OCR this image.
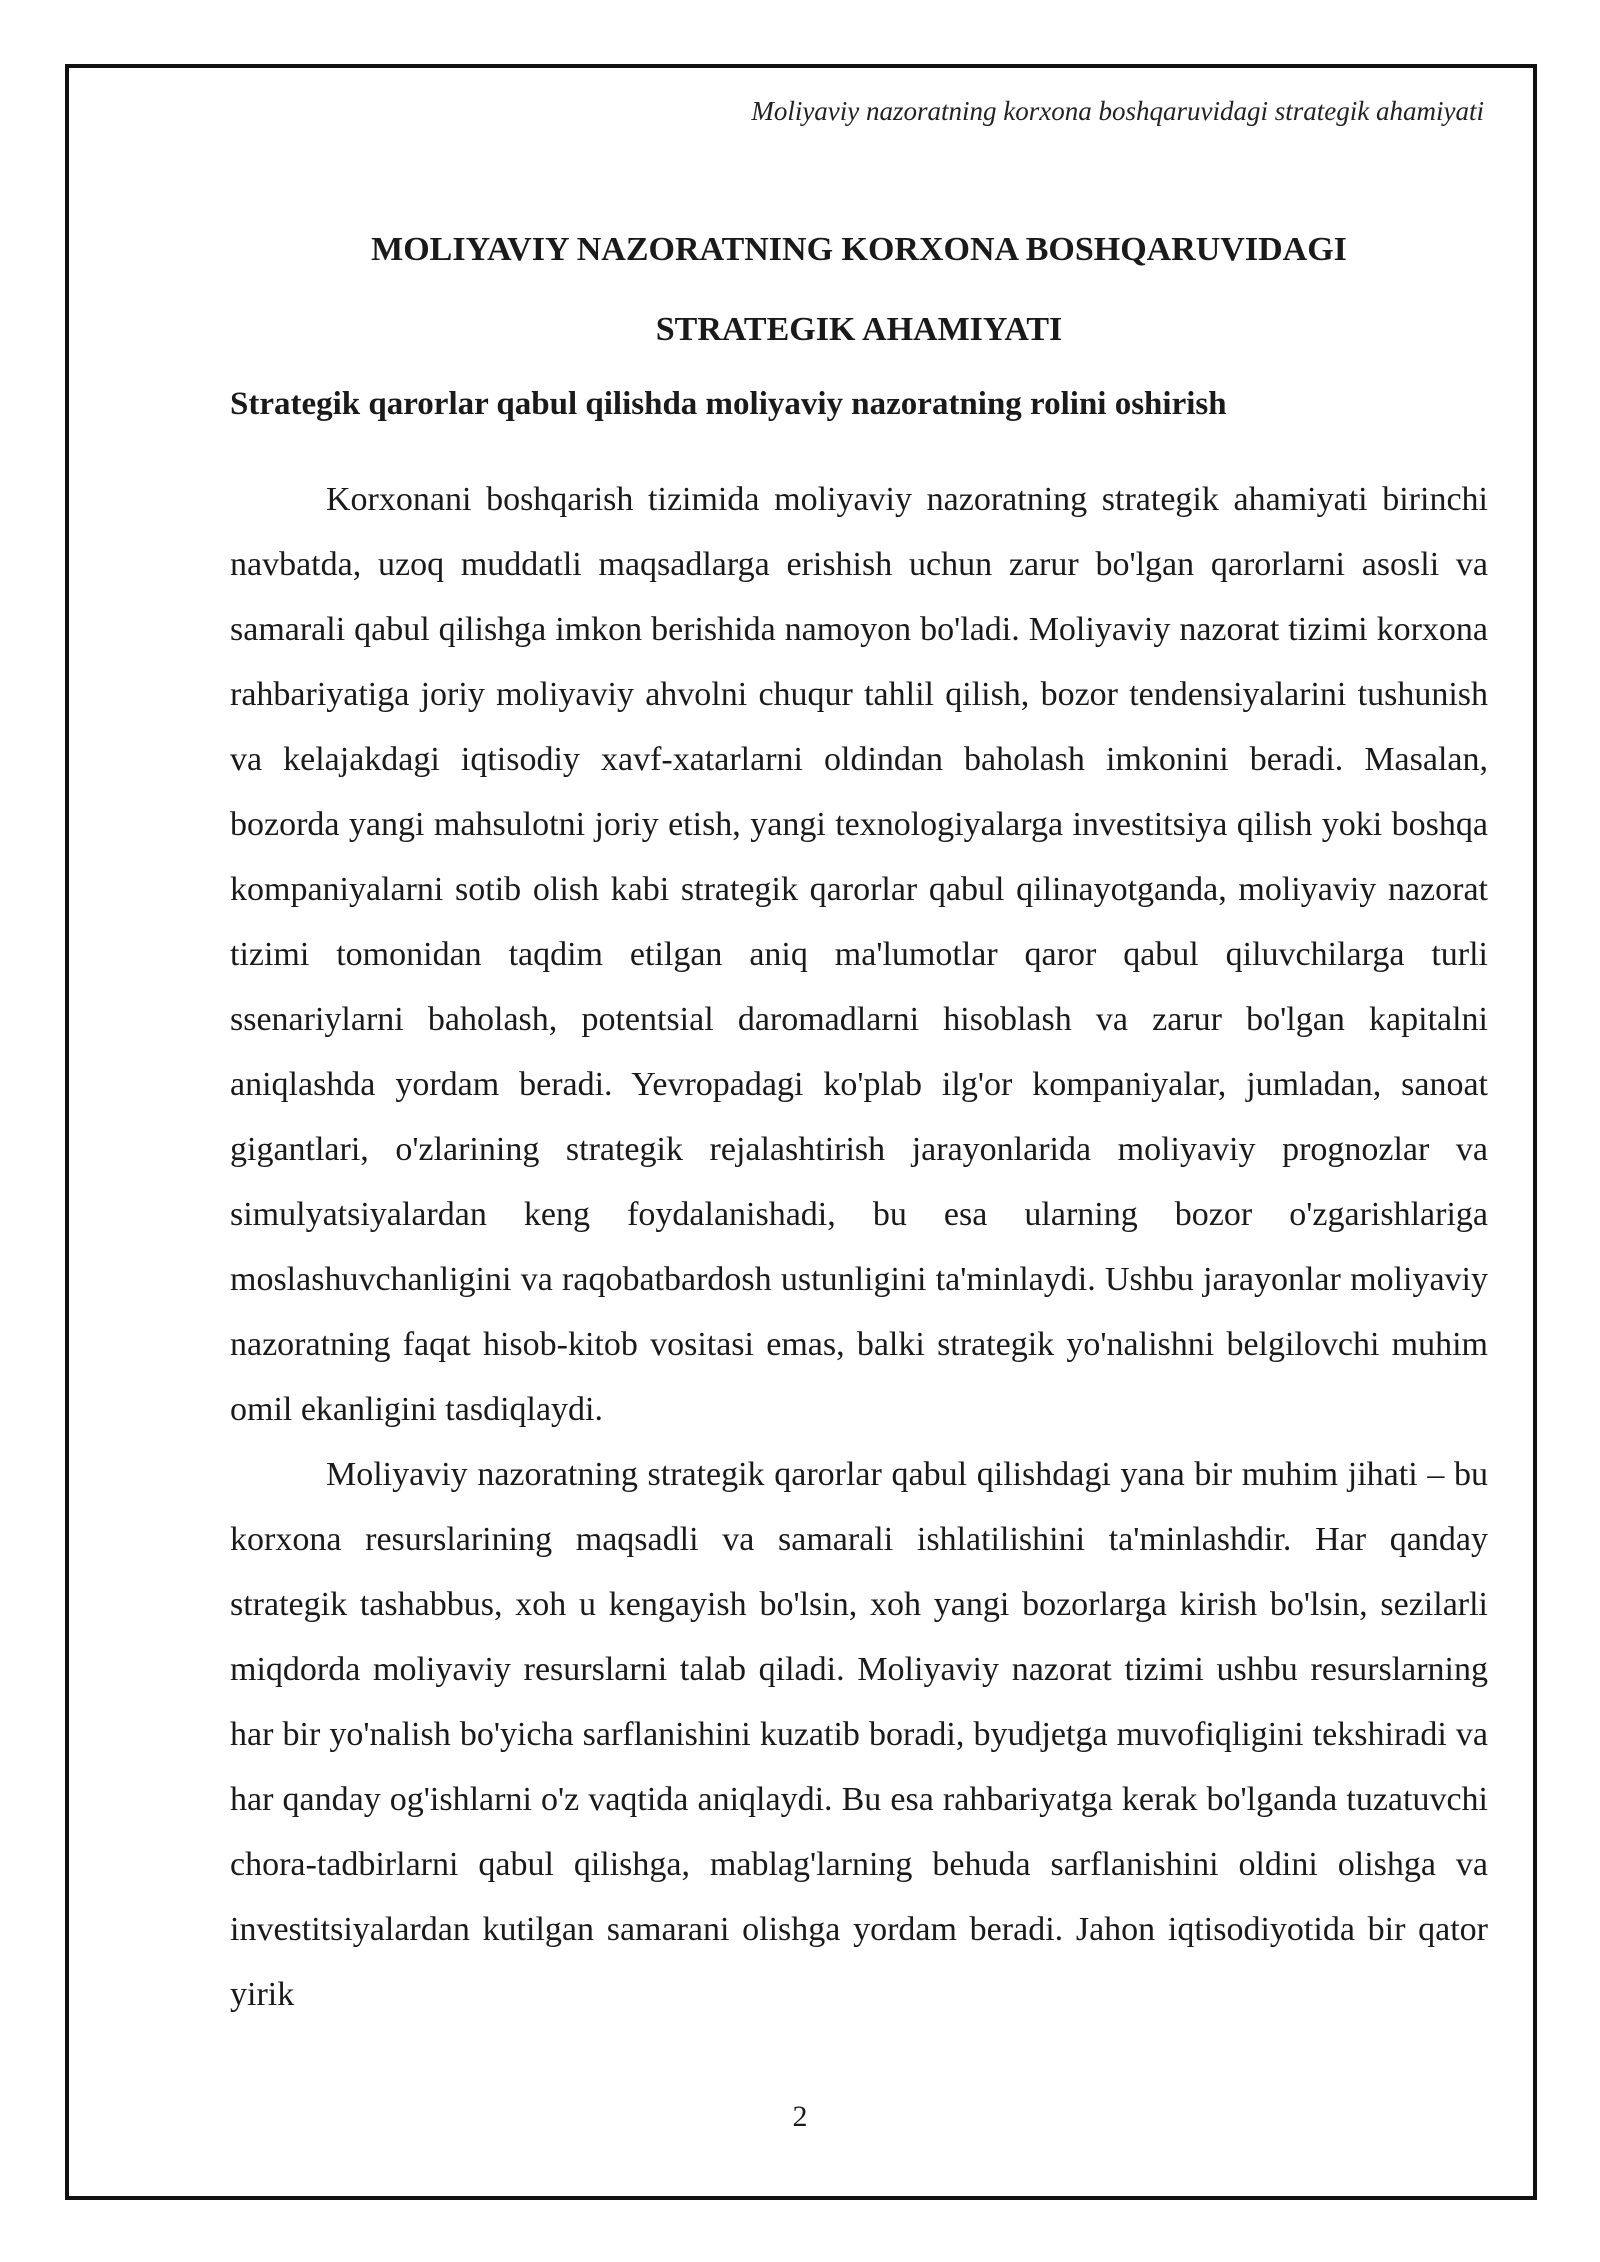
Moliyaviy nazoratning korxona boshqaruvidagi strategik ahamiyati
MOLIYAVIY NAZORATNING KORXONA BOSHQARUVIDAGI
STRATEGIK AHAMIYATI
Strategik qarorlar qabul qilishda moliyaviy nazoratning rolini oshirish

Korxonani boshqarish tizimida moliyaviy nazoratning strategik ahamiyati birinchi navbatda, uzoq muddatli maqsadlarga erishish uchun zarur bo'lgan qarorlarni asosli va samarali qabul qilishga imkon berishida namoyon bo'ladi. Moliyaviy nazorat tizimi korxona rahbariyatiga joriy moliyaviy ahvolni chuqur tahlil qilish, bozor tendensiyalarini tushunish va kelajakdagi iqtisodiy xavf-xatarlarni oldindan baholash imkonini beradi. Masalan, bozorda yangi mahsulotni joriy etish, yangi texnologiyalarga investitsiya qilish yoki boshqa kompaniyalarni sotib olish kabi strategik qarorlar qabul qilinayotganda, moliyaviy nazorat tizimi tomonidan taqdim etilgan aniq ma'lumotlar qaror qabul qiluvchilarga turli ssenariylarni baholash, potentsial daromadlarni hisoblash va zarur bo'lgan kapitalni aniqlashda yordam beradi. Yevropadagi ko'plab ilg'or kompaniyalar, jumladan, sanoat gigantlari, o'zlarining strategik rejalashtirish jarayonlarida moliyaviy prognozlar va simulyatsiyalardan keng foydalanishadi, bu esa ularning bozor o'zgarishlariga moslashuvchanligini va raqobatbardosh ustunligini ta'minlaydi. Ushbu jarayonlar moliyaviy nazoratning faqat hisob-kitob vositasi emas, balki strategik yo'nalishni belgilovchi muhim omil ekanligini tasdiqlaydi.

Moliyaviy nazoratning strategik qarorlar qabul qilishdagi yana bir muhim jihati – bu korxona resurslarining maqsadli va samarali ishlatilishini ta'minlashdir. Har qanday strategik tashabbus, xoh u kengayish bo'lsin, xoh yangi bozorlarga kirish bo'lsin, sezilarli miqdorda moliyaviy resurslarni talab qiladi. Moliyaviy nazorat tizimi ushbu resurslarning har bir yo'nalish bo'yicha sarflanishini kuzatib boradi, byudjetga muvofiqligini tekshiradi va har qanday og'ishlarni o'z vaqtida aniqlaydi. Bu esa rahbariyatga kerak bo'lganda tuzatuvchi chora-tadbirlarni qabul qilishga, mablag'larning behuda sarflanishini oldini olishga va investitsiyalardan kutilgan samarani olishga yordam beradi. Jahon iqtisodiyotida bir qator yirik

2
